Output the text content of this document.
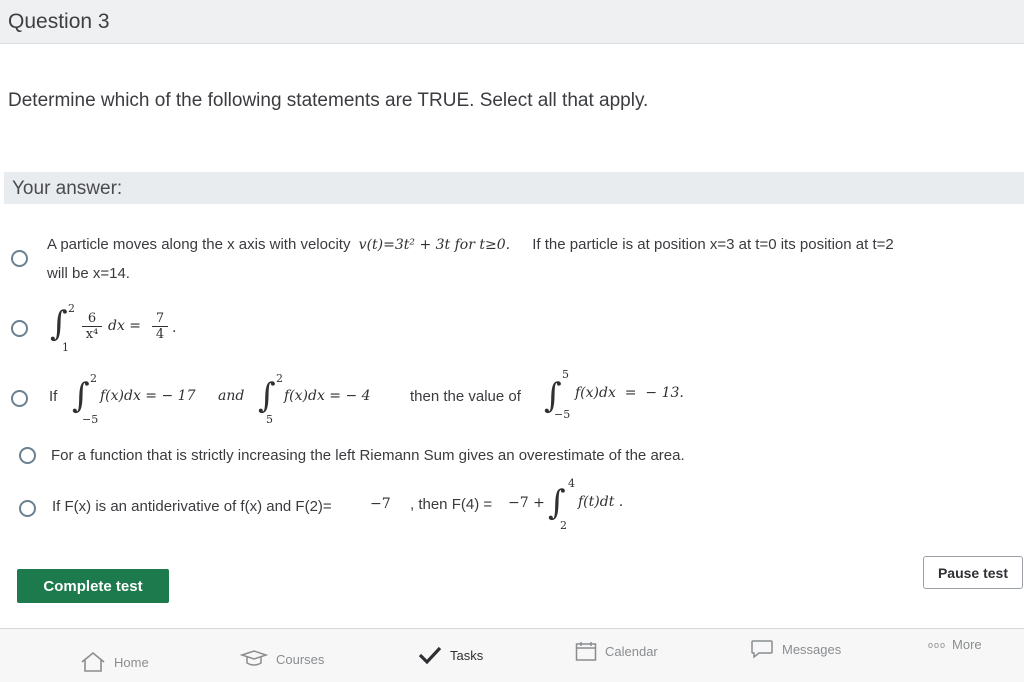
Question 3
Determine which of the following statements are TRUE. Select all that apply.
Your answer:
A particle moves along the x axis with velocity v(t)=3t² + 3t for t≥0. If the particle is at position x=3 at t=0 its position at t=2
will be x=14.
∫ 2
1
$\frac{6}{\text{x⁴}}$ dx = $\frac{7}{4}$ .
If ∫ 2
−5
f(x)dx = − 17 and ∫ 2
5
f(x)dx = − 4	then the value of ∫
5
−5
f(x)dx  =  − 13.
For a function that is strictly increasing the left Riemann Sum gives an overestimate of the area.
If F(x) is an antiderivative of f(x) and F(2)=	−7 , then F(4) = −7 + ∫ 4
2
f(t)dt .
Complete test
Pause test
Home	Courses	Tasks	Calendar	Messages	ooo More
